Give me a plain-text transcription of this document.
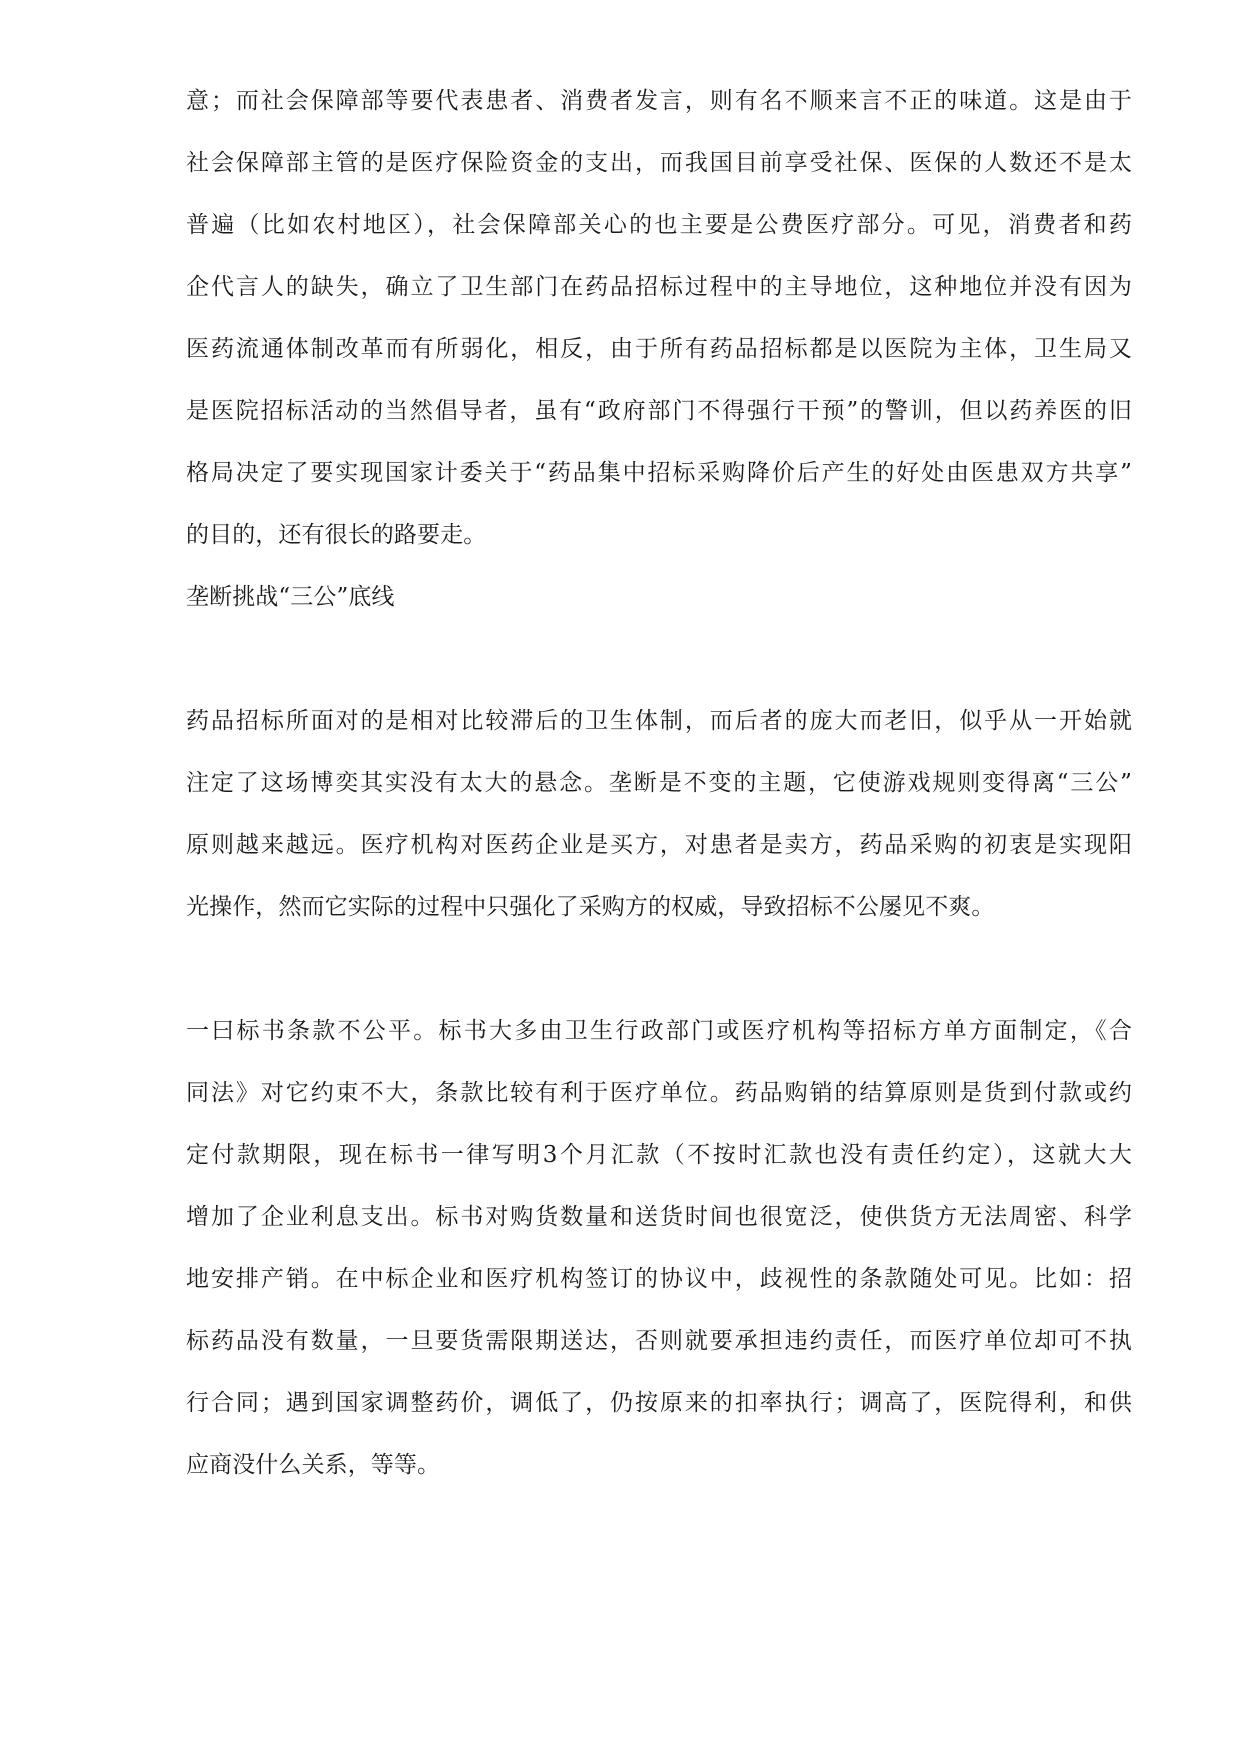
意；而社会保障部等要代表患者、消费者发言，则有名不顺来言不正的味道。这是由于
社会保障部主管的是医疗保险资金的支出，而我国目前享受社保、医保的人数还不是太
普遍（比如农村地区），社会保障部关心的也主要是公费医疗部分。可见，消费者和药
企代言人的缺失，确立了卫生部门在药品招标过程中的主导地位，这种地位并没有因为
医药流通体制改革而有所弱化，相反，由于所有药品招标都是以医院为主体，卫生局又
是医院招标活动的当然倡导者，虽有“政府部门不得强行干预”的警训，但以药养医的旧
格局决定了要实现国家计委关于“药品集中招标采购降价后产生的好处由医患双方共享”
的目的，还有很长的路要走。
垄断挑战“三公”底线
药品招标所面对的是相对比较滞后的卫生体制，而后者的庞大而老旧，似乎从一开始就
注定了这场博奕其实没有太大的悬念。垄断是不变的主题，它使游戏规则变得离“三公”
原则越来越远。医疗机构对医药企业是买方，对患者是卖方，药品采购的初衷是实现阳
光操作，然而它实际的过程中只强化了采购方的权威，导致招标不公屡见不爽。
一曰标书条款不公平。标书大多由卫生行政部门或医疗机构等招标方单方面制定，《合
同法》对它约束不大，条款比较有利于医疗单位。药品购销的结算原则是货到付款或约
定付款期限，现在标书一律写明3个月汇款（不按时汇款也没有责任约定），这就大大
增加了企业利息支出。标书对购货数量和送货时间也很宽泛，使供货方无法周密、科学
地安排产销。在中标企业和医疗机构签订的协议中，歧视性的条款随处可见。比如：招
标药品没有数量，一旦要货需限期送达，否则就要承担违约责任，而医疗单位却可不执
行合同；遇到国家调整药价，调低了，仍按原来的扣率执行；调高了，医院得利，和供
应商没什么关系，等等。
